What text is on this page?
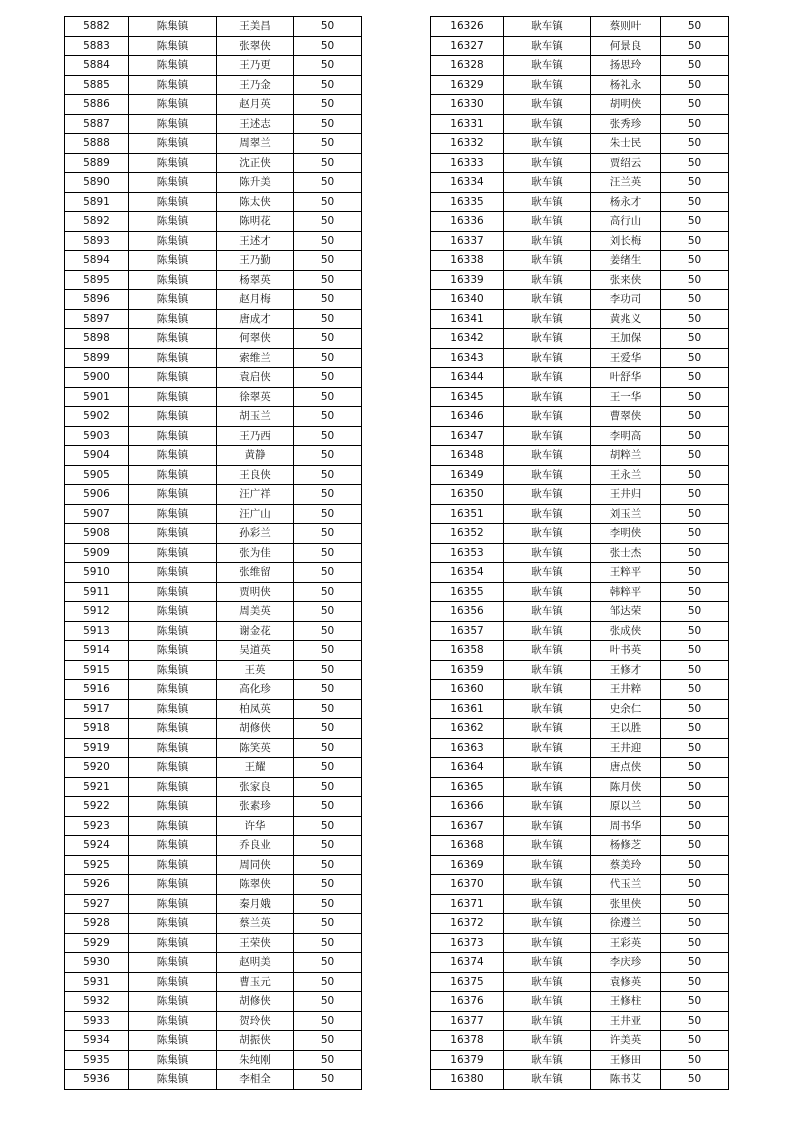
5882	陈集镇	王美昌	50
5883	陈集镇	张翠侠	50
5884	陈集镇	王乃更	50
5885	陈集镇	王乃金	50
5886	陈集镇	赵月英	50
5887	陈集镇	王述志	50
5888	陈集镇	周翠兰	50
5889	陈集镇	沈正侠	50
5890	陈集镇	陈升美	50
5891	陈集镇	陈太侠	50
5892	陈集镇	陈明花	50
5893	陈集镇	王述才	50
5894	陈集镇	王乃勤	50
5895	陈集镇	杨翠英	50
5896	陈集镇	赵月梅	50
5897	陈集镇	唐成才	50
5898	陈集镇	何翠侠	50
5899	陈集镇	索维兰	50
5900	陈集镇	袁启侠	50
5901	陈集镇	徐翠英	50
5902	陈集镇	胡玉兰	50
5903	陈集镇	王乃西	50
5904	陈集镇	黄静	50
5905	陈集镇	王良侠	50
5906	陈集镇	汪广祥	50
5907	陈集镇	汪广山	50
5908	陈集镇	孙彩兰	50
5909	陈集镇	张为佳	50
5910	陈集镇	张维留	50
5911	陈集镇	贾明侠	50
5912	陈集镇	周美英	50
5913	陈集镇	谢金花	50
5914	陈集镇	吴道英	50
5915	陈集镇	王英	50
5916	陈集镇	高化珍	50
5917	陈集镇	柏凤英	50
5918	陈集镇	胡修侠	50
5919	陈集镇	陈笑英	50
5920	陈集镇	王耀	50
5921	陈集镇	张家良	50
5922	陈集镇	张素珍	50
5923	陈集镇	许华	50
5924	陈集镇	乔良业	50
5925	陈集镇	周同侠	50
5926	陈集镇	陈翠侠	50
5927	陈集镇	秦月娥	50
5928	陈集镇	蔡兰英	50
5929	陈集镇	王荣侠	50
5930	陈集镇	赵明美	50
5931	陈集镇	曹玉元	50
5932	陈集镇	胡修侠	50
5933	陈集镇	贺玲侠	50
5934	陈集镇	胡振侠	50
5935	陈集镇	朱纯刚	50
5936	陈集镇	李相全	50
16326	耿车镇	蔡则叶	50
16327	耿车镇	何景良	50
16328	耿车镇	扬思玲	50
16329	耿车镇	杨礼永	50
16330	耿车镇	胡明侠	50
16331	耿车镇	张秀珍	50
16332	耿车镇	朱士民	50
16333	耿车镇	贾绍云	50
16334	耿车镇	汪兰英	50
16335	耿车镇	杨永才	50
16336	耿车镇	高行山	50
16337	耿车镇	刘长梅	50
16338	耿车镇	姜绪生	50
16339	耿车镇	张来侠	50
16340	耿车镇	李功司	50
16341	耿车镇	黄兆义	50
16342	耿车镇	王加保	50
16343	耿车镇	王爱华	50
16344	耿车镇	叶舒华	50
16345	耿车镇	王一华	50
16346	耿车镇	曹翠侠	50
16347	耿车镇	李明高	50
16348	耿车镇	胡粹兰	50
16349	耿车镇	王永兰	50
16350	耿车镇	王井归	50
16351	耿车镇	刘玉兰	50
16352	耿车镇	李明侠	50
16353	耿车镇	张士杰	50
16354	耿车镇	王粹平	50
16355	耿车镇	韩粹平	50
16356	耿车镇	邹达荣	50
16357	耿车镇	张成侠	50
16358	耿车镇	叶书英	50
16359	耿车镇	王修才	50
16360	耿车镇	王井粹	50
16361	耿车镇	史余仁	50
16362	耿车镇	王以胜	50
16363	耿车镇	王井迎	50
16364	耿车镇	唐点侠	50
16365	耿车镇	陈月侠	50
16366	耿车镇	原以兰	50
16367	耿车镇	周书华	50
16368	耿车镇	杨修芝	50
16369	耿车镇	蔡美玲	50
16370	耿车镇	代玉兰	50
16371	耿车镇	张里侠	50
16372	耿车镇	徐遵兰	50
16373	耿车镇	王彩英	50
16374	耿车镇	李庆珍	50
16375	耿车镇	袁修英	50
16376	耿车镇	王修柱	50
16377	耿车镇	王井亚	50
16378	耿车镇	许美英	50
16379	耿车镇	王修田	50
16380	耿车镇	陈书艾	50
